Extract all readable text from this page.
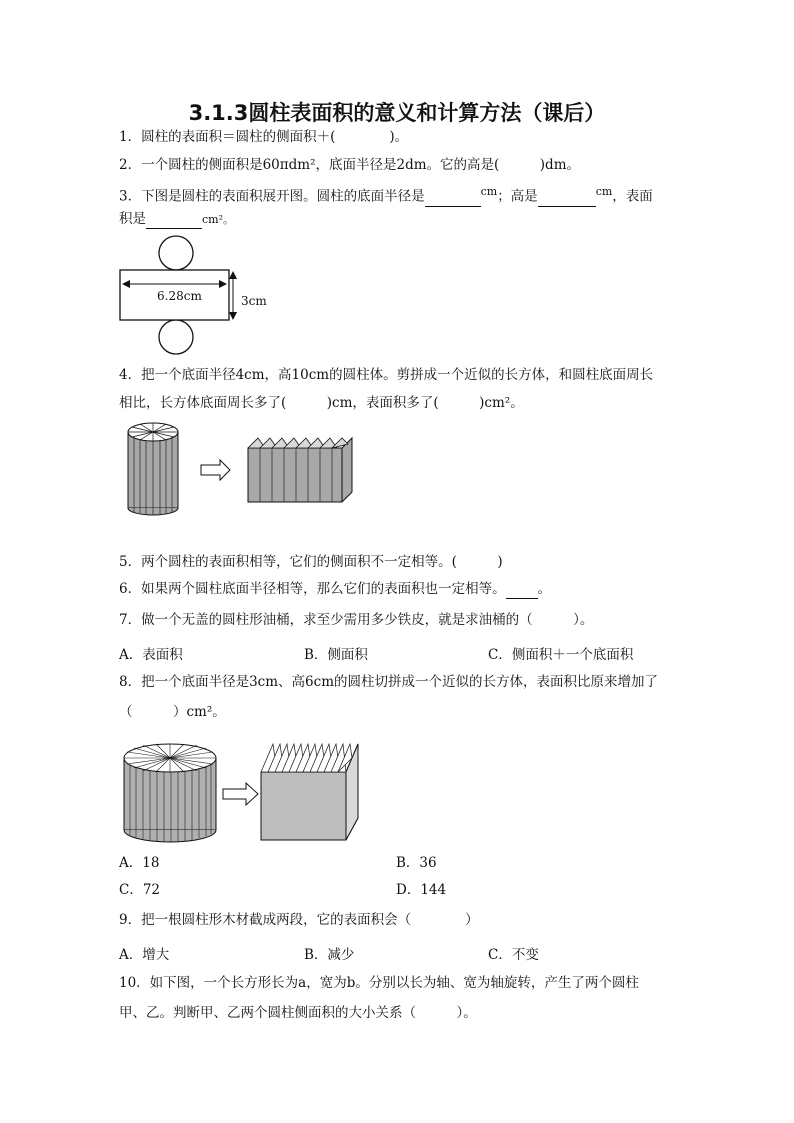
3.1.3圆柱表面积的意义和计算方法（课后）
1．圆柱的表面积＝圆柱的侧面积＋(　　　　)。
2．一个圆柱的侧面积是60πdm²，底面半径是2dm。它的高是(　　　)dm。
3．下图是圆柱的表面积展开图。圆柱的底面半径是	$^{cm}$；高是	$^{cm}$，表面
积是	cm²。
6.28cm	3cm
4．把一个底面半径4cm，高10cm的圆柱体。剪拼成一个近似的长方体，和圆柱底面周长
相比，长方体底面周长多了(　　　)cm，表面积多了(　　　)cm²。
5．两个圆柱的表面积相等，它们的侧面积不一定相等。(　　　)
6．如果两个圆柱底面半径相等，那么它们的表面积也一定相等。 。
7．做一个无盖的圆柱形油桶，求至少需用多少铁皮，就是求油桶的（　　　）。
A．表面积	B．侧面积	C．侧面积＋一个底面积
8．把一个底面半径是3cm、高6cm的圆柱切拼成一个近似的长方体，表面积比原来增加了
（　　　）cm²。
A．18	B．36
C．72	D．144
9．把一根圆柱形木材截成两段，它的表面积会（　　　　）
A．增大	B．减少	C．不变
10．如下图，一个长方形长为a，宽为b。分别以长为轴、宽为轴旋转，产生了两个圆柱
甲、乙。判断甲、乙两个圆柱侧面积的大小关系（　　　）。
